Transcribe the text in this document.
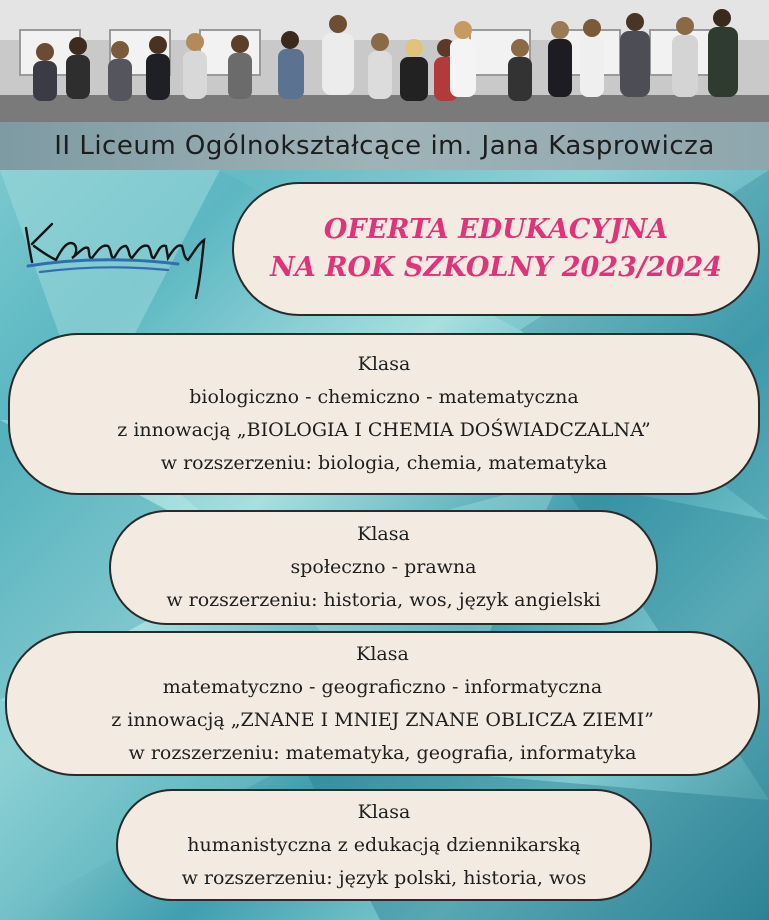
II Liceum Ogólnokształcące im. Jana Kasprowicza
OFERTA EDUKACYJNA
NA ROK SZKOLNY 2023/2024
Klasa
biologiczno - chemiczno - matematyczna
z innowacją „BIOLOGIA I CHEMIA DOŚWIADCZALNA”
w rozszerzeniu: biologia, chemia, matematyka
Klasa
społeczno - prawna
w rozszerzeniu: historia, wos, język angielski
Klasa
matematyczno - geograficzno - informatyczna
z innowacją „ZNANE I MNIEJ ZNANE OBLICZA ZIEMI”
w rozszerzeniu: matematyka, geografia, informatyka
Klasa
humanistyczna z edukacją dziennikarską
w rozszerzeniu: język polski, historia, wos
